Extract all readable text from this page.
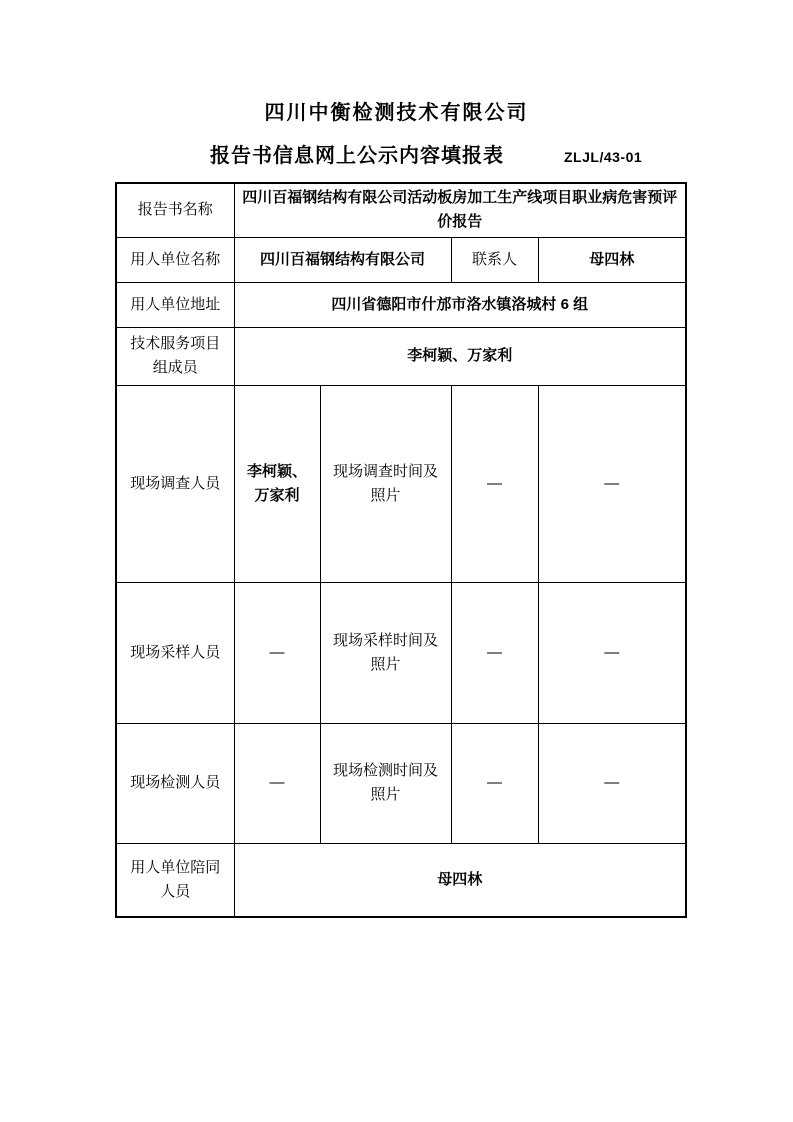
四川中衡检测技术有限公司
报告书信息网上公示内容填报表	ZLJL/43-01
报告书名称	四川百福钢结构有限公司活动板房加工生产线项目职业病危害预评价报告			
用人单位名称	四川百福钢结构有限公司		联系人	母四林
用人单位地址	四川省德阳市什邡市洛水镇洛城村 6 组			
技术服务项目组成员	李柯颖、万家利			
现场调查人员	李柯颖、万家利	现场调查时间及照片	—	—
现场采样人员	—	现场采样时间及照片	—	—
现场检测人员	—	现场检测时间及照片	—	—
用人单位陪同人员	母四林			
